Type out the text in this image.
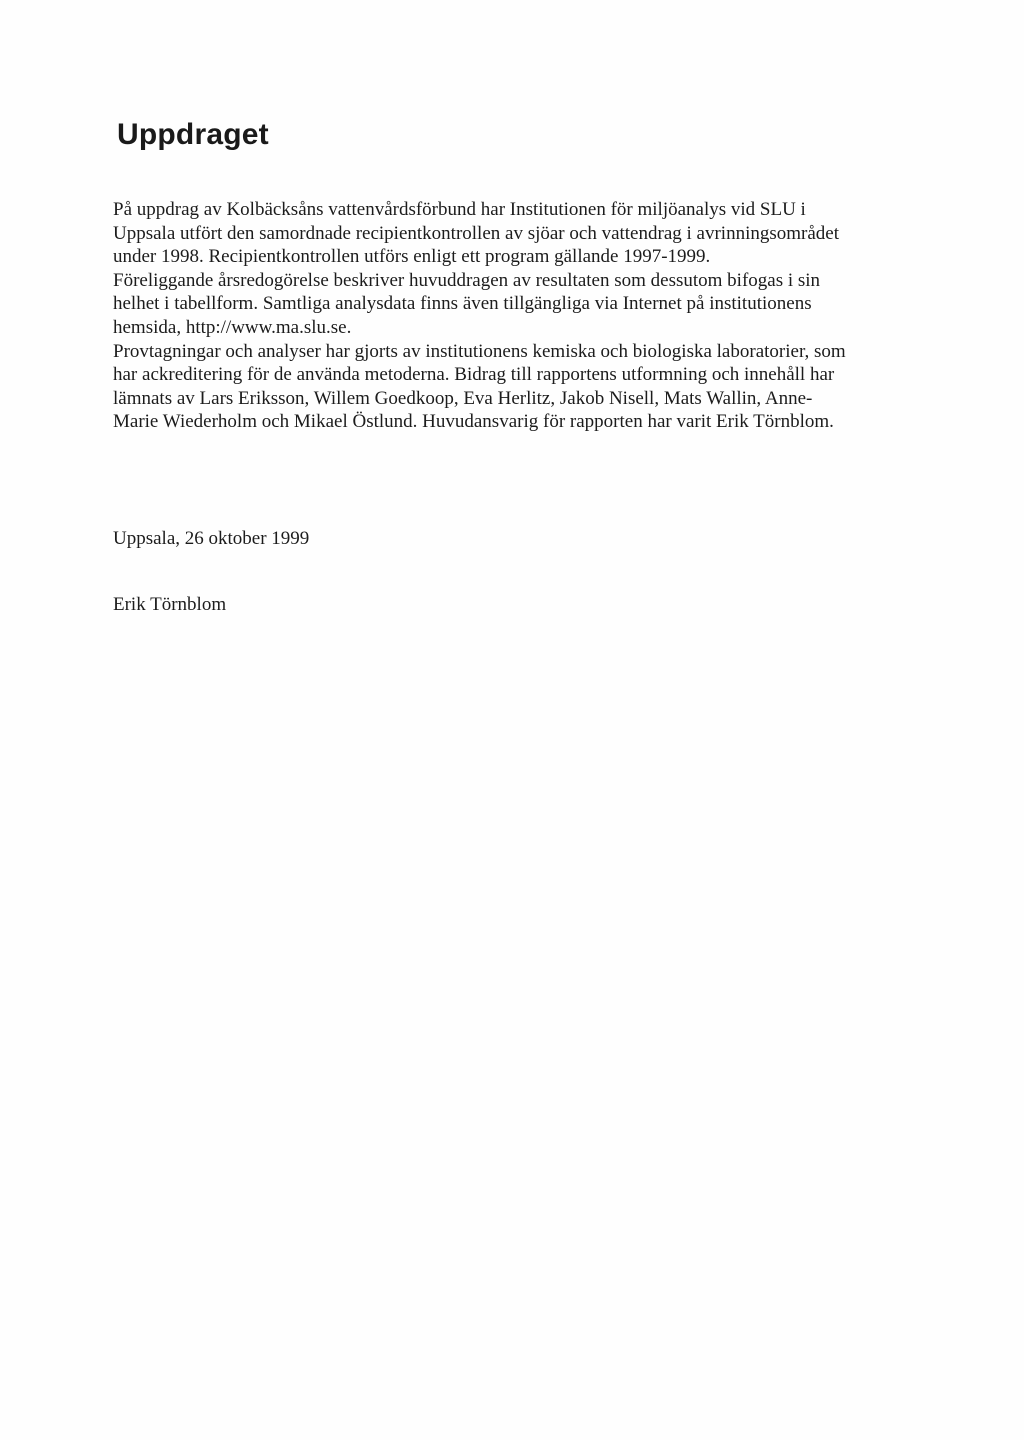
Uppdraget

På uppdrag av Kolbäcksåns vattenvårdsförbund har Institutionen för miljöanalys vid SLU i Uppsala utfört den samordnade recipientkontrollen av sjöar och vattendrag i avrinningsområdet under 1998. Recipientkontrollen utförs enligt ett program gällande 1997-1999.

Föreliggande årsredogörelse beskriver huvuddragen av resultaten som dessutom bifogas i sin helhet i tabellform. Samtliga analysdata finns även tillgängliga via Internet på institutionens hemsida, http://www.ma.slu.se.

Provtagningar och analyser har gjorts av institutionens kemiska och biologiska laboratorier, som har ackreditering för de använda metoderna. Bidrag till rapportens utformning och innehåll har lämnats av Lars Eriksson, Willem Goedkoop, Eva Herlitz, Jakob Nisell, Mats Wallin, Anne-Marie Wiederholm och Mikael Östlund. Huvudansvarig för rapporten har varit Erik Törnblom.

Uppsala, 26 oktober 1999

Erik Törnblom
